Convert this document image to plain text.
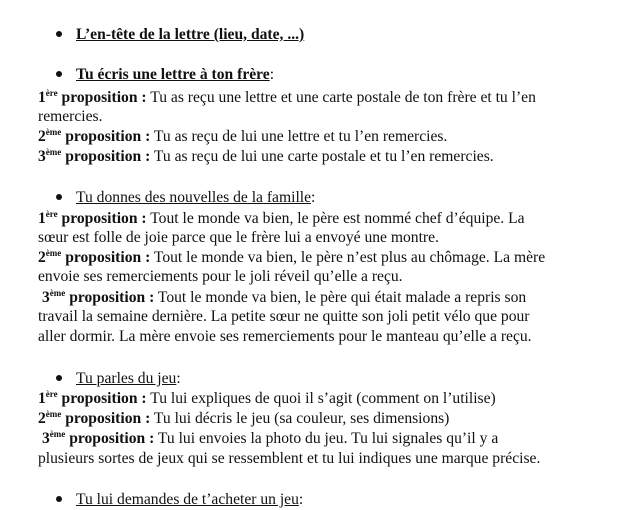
L’en-tête de la lettre (lieu, date, ...)
Tu écris une lettre à ton frère:
1ère proposition : Tu as reçu une lettre et une carte postale de ton frère et tu l’en
remercies.
2ème proposition : Tu as reçu de lui une lettre et tu l’en remercies.
3ème proposition : Tu as reçu de lui une carte postale et tu l’en remercies.
Tu donnes des nouvelles de la famille:
1ère proposition : Tout le monde va bien, le père est nommé chef d’équipe. La
sœur est folle de joie parce que le frère lui a envoyé une montre.
2ème proposition : Tout le monde va bien, le père n’est plus au chômage. La mère
envoie ses remerciements pour le joli réveil qu’elle a reçu.
3ème proposition : Tout le monde va bien, le père qui était malade a repris son
travail la semaine dernière. La petite sœur ne quitte son joli petit vélo que pour
aller dormir. La mère envoie ses remerciements pour le manteau qu’elle a reçu.
Tu parles du jeu:
1ère proposition : Tu lui expliques de quoi il s’agit (comment on l’utilise)
2ème proposition : Tu lui décris le jeu (sa couleur, ses dimensions)
3ème proposition : Tu lui envoies la photo du jeu. Tu lui signales qu’il y a
plusieurs sortes de jeux qui se ressemblent et tu lui indiques une marque précise.
Tu lui demandes de t’acheter un jeu:
